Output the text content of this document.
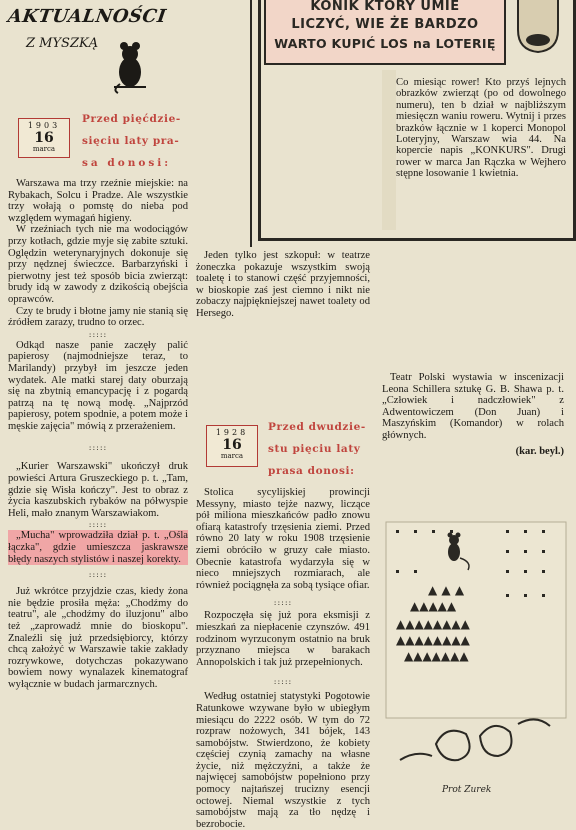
AKTUALNOŚCI
Z MYSZKĄ
KONIK KTÓRY UMIE
LICZYĆ, WIE ŻE BARDZO
WARTO KUPIĆ LOS na LOTERIĘ
Co miesiąc rower! Kto przyś lejnych obrazków zwierząt (po od dowolnego numeru), ten b dział w najbliższym miesięczn waniu roweru. Wytnij i przes brazków łącznie w 1 koperci Monopol Loteryjny, Warszaw wia 44. Na kopercie napis „KONKURS". Drugi rower w marca Jan Rączka w Wejhero stępne losowanie 1 kwietnia.
1903
16
marca
Przed pięćdzie-
sięciu laty pra-
sa donosi:

Warszawa ma trzy rzeźnie miejskie: na Rybakach, Solcu i Pradze. Ale wszystkie trzy wołają o pomstę do nieba pod względem wymagań higieny.

W rzeźniach tych nie ma wodociągów przy kotłach, gdzie myje się zabite sztuki. Oględzin weterynaryjnych dokonuje się przy nędznej świeczce. Barbarzyński i pierwotny jest też sposób bicia zwierząt: brudy idą w zawody z dzikością obejścia oprawców.

Czy te brudy i błotne jamy nie stanią się źródłem zarazy, trudno to orzec.

:::::

Odkąd nasze panie zaczęły palić papierosy (najmodniejsze teraz, to Marilandy) przybył im jeszcze jeden wydatek. Ale matki starej daty oburzają się na zbytnią emancypację i z pogardą patrzą na tę nową modę. „Najprzód papierosy, potem spodnie, a potem może i męskie zajęcia" mówią z przerażeniem.

:::::

„Kurier Warszawski" ukończył druk powieści Artura Gruszeckiego p. t. „Tam, gdzie się Wisła kończy". Jest to obraz z życia kaszubskich rybaków na półwyspie Heli, mało znanym Warszawiakom.

:::::

„Mucha" wprowadziła dział p. t. „Ośla łączka", gdzie umieszcza jaskrawsze błędy naszych stylistów i naszej korekty.

:::::

Już wkrótce przyjdzie czas, kiedy żona nie będzie prosiła męża: „Chodźmy do teatru", ale „chodźmy do iluzjonu" albo też „zaprowadź mnie do bioskopu". Znaleźli się już przedsiębiorcy, którzy chcą założyć w Warszawie takie zakłady rozrywkowe, dotychczas pokazywano bowiem nowy wynalazek kinematograf wyłącznie w budach jarmarcznych.

Jeden tylko jest szkopuł: w teatrze żoneczka pokazuje wszystkim swoją toaletę i to stanowi część przyjemności, w bioskopie zaś jest ciemno i nikt nie zobaczy najpiękniejszej nawet toalety od Hersego.

1928
16
marca
Przed dwudzie-
stu pięciu laty
prasa donosi:

Stolica sycylijskiej prowincji Messyny, miasto tejże nazwy, liczące pół miliona mieszkańców padło znowu ofiarą katastrofy trzęsienia ziemi. Przed równo 20 laty w roku 1908 trzęsienie ziemi obróciło w gruzy całe miasto. Obecnie katastrofa wydarzyła się w nieco mniejszych rozmiarach, ale również pociągnęła za sobą tysiące ofiar.

:::::

Rozpoczęła się już pora eksmisji z mieszkań za niepłacenie czynszów. 491 rodzinom wyrzuconym ostatnio na bruk przyznano miejsca w barakach Annopolskich i tak już przepełnionych.

:::::

Według ostatniej statystyki Pogotowie Ratunkowe wzywane było w ubiegłym miesiącu do 2222 osób. W tym do 72 rozpraw nożowych, 341 bójek, 143 samobójstw. Stwierdzono, że kobiety częściej czynią zamachy na własne życie, niż mężczyźni, a także że najwięcej samobójstw popełniono przy pomocy najtańszej trucizny esencji octowej. Niemal wszystkie z tych samobójstw mają za tło nędzę i bezrobocie.

Teatr Polski wystawia w inscenizacji Leona Schillera sztukę G. B. Shawa p. t. „Człowiek i nadczłowiek" z Adwentowiczem (Don Juan) i Maszyńskim (Komandor) w rolach głównych.

(kar. beyl.)
▲ ▲ ▲
▲▲▲▲▲
▲▲▲▲▲▲▲▲
▲▲▲▲▲▲▲▲
▲▲▲▲▲▲▲
Prot Zurek
